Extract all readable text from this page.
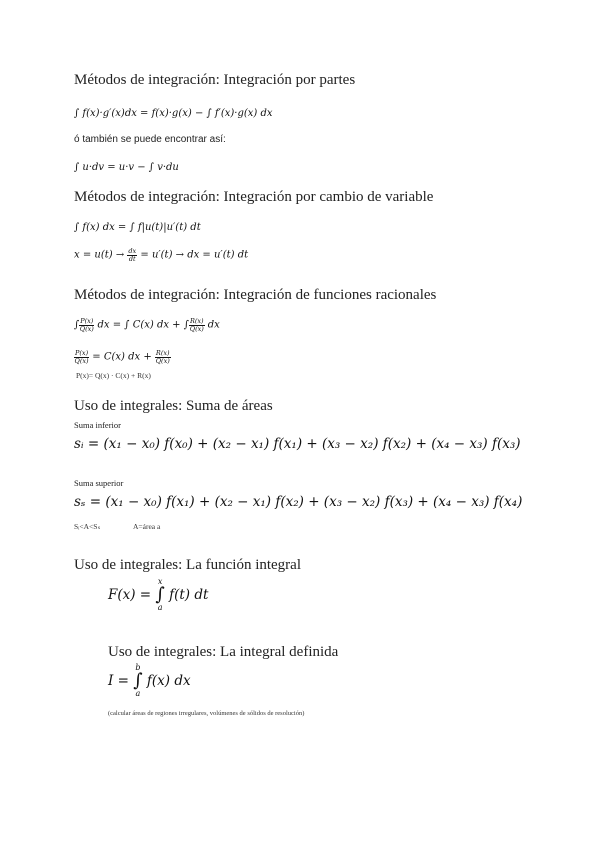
Métodos de integración: Integración por partes
∫ f(x)·g′(x)dx = f(x)·g(x) − ∫ f′(x)·g(x) dx
ó también se puede encontrar así:
∫ u·dv = u·v − ∫ v·du
Métodos de integración: Integración por cambio de variable
∫ f(x) dx = ∫ f|u(t)|u′(t) dt
$x = u(t) \to \frac{dx}{dt} = u'(t)$ → dx = u′(t) dt
Métodos de integración: Integración de funciones racionales
∫ $\frac{P(x)}{Q(x)}$ dx = ∫ C(x) dx + ∫ $\frac{R(x)}{Q(x)}$ dx
$\frac{P(x)}{Q(x)} = C(x)$ dx + $\frac{R(x)}{Q(x)}$
P(x)= Q(x) · C(x) + R(x)
Uso de integrales: Suma de áreas
Suma inferior
sᵢ = (x₁ − x₀) f(x₀) + (x₂ − x₁) f(x₁) + (x₃ − x₂) f(x₂) + (x₄ − x₃) f(x₃)
Suma superior
sₛ = (x₁ − x₀) f(x₁) + (x₂ − x₁) f(x₂) + (x₃ − x₂) f(x₃) + (x₄ − x₃) f(x₄)
Sᵢ<A<Sₛ	A=área a
Uso de integrales: La función integral
F(x) =
x
∫
a
f(t) dt
Uso de integrales: La integral definida
I =
b
∫
a
f(x) dx
(calcular áreas de regiones irregulares, volúmenes de sólidos de resolución)
